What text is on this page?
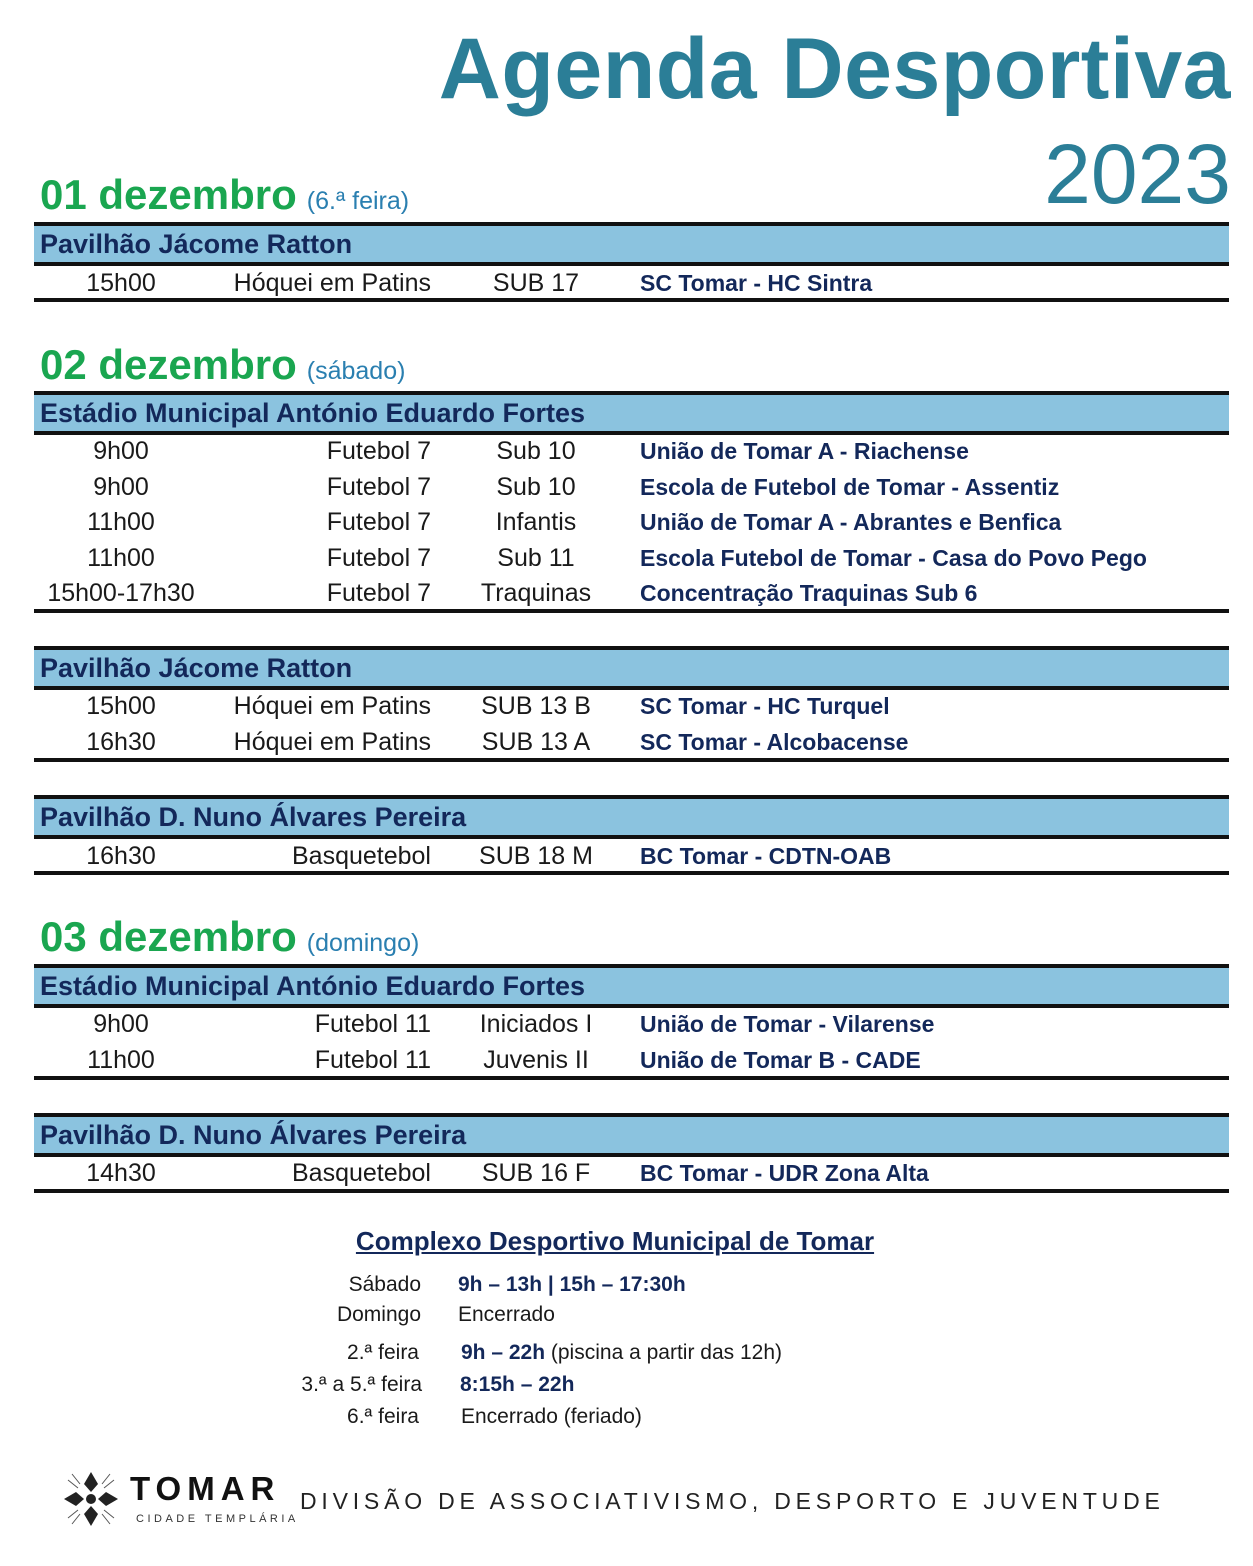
Agenda Desportiva
2023
01 dezembro (6.ª feira)
Pavilhão Jácome Ratton
15h00	Hóquei em Patins	SUB 17	SC Tomar - HC Sintra
02 dezembro (sábado)
Estádio Municipal António Eduardo Fortes
9h00	Futebol 7	Sub 10	União de Tomar A - Riachense
9h00	Futebol 7	Sub 10	Escola de Futebol de Tomar - Assentiz
11h00	Futebol 7	Infantis	União de Tomar A - Abrantes e Benfica
11h00	Futebol 7	Sub 11	Escola Futebol de Tomar - Casa do Povo Pego
15h00-17h30	Futebol 7	Traquinas	Concentração Traquinas Sub 6
Pavilhão Jácome Ratton
15h00	Hóquei em Patins	SUB 13 B	SC Tomar - HC Turquel
16h30	Hóquei em Patins	SUB 13 A	SC Tomar - Alcobacense
Pavilhão D. Nuno Álvares Pereira
16h30	Basquetebol	SUB 18 M	BC Tomar - CDTN-OAB
03 dezembro (domingo)
Estádio Municipal António Eduardo Fortes
9h00	Futebol 11	Iniciados I	União de Tomar - Vilarense
11h00	Futebol 11	Juvenis II	União de Tomar B - CADE
Pavilhão D. Nuno Álvares Pereira
14h30	Basquetebol	SUB 16 F	BC Tomar - UDR Zona Alta
Complexo Desportivo Municipal de Tomar
Sábado 9h – 13h | 15h – 17:30h
Domingo Encerrado
2.ª feira 9h – 22h (piscina a partir das 12h)
3.ª a 5.ª feira 8:15h – 22h
6.ª feira Encerrado (feriado)
TOMAR
CIDADE TEMPLÁRIA
DIVISÃO DE ASSOCIATIVISMO, DESPORTO E JUVENTUDE
